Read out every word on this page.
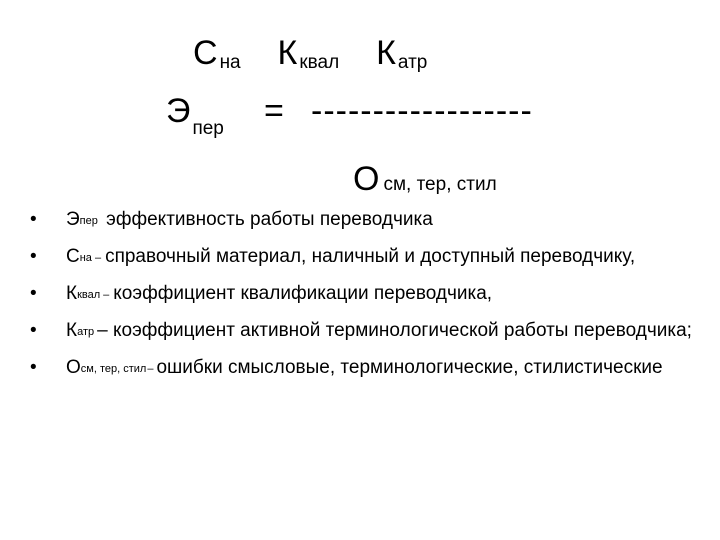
Сна К квал К атр
Э $_{пер}$ = ------------------
Осм, тер, стил
• Эпер эффективность работы переводчика
• Сна – справочный материал, наличный и доступный переводчику,
• Кквал – коэффициент квалификации переводчика,
• Катр – коэффициент активной терминологической работы переводчика;
• Осм, тер, стил– ошибки смысловые, терминологические, стилистические
